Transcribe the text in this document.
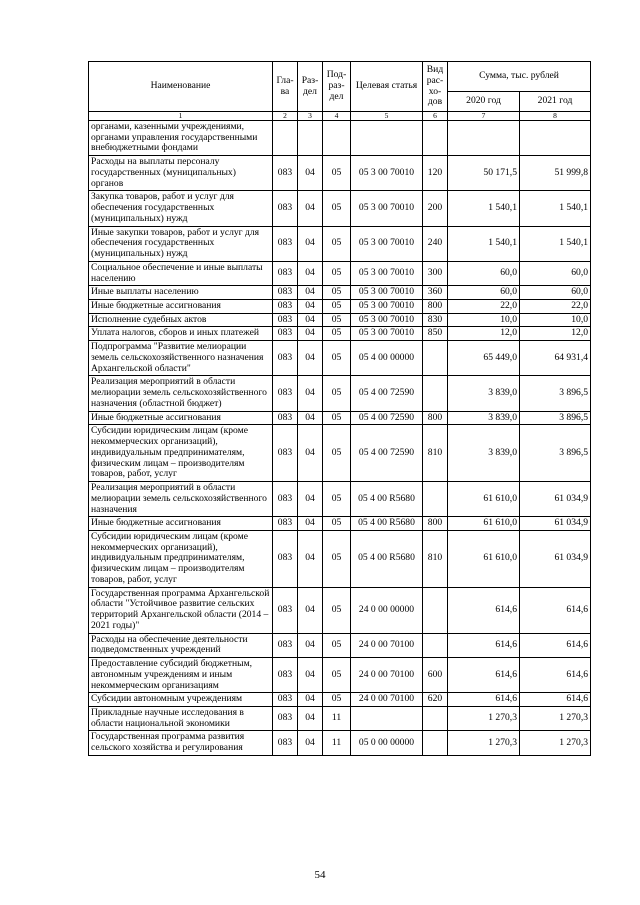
Наименование	Гла-ва	Раз-дел	Под-раз-дел	Целевая статья	Вид рас-хо-дов	Сумма, тыс. рублей	
						2020 год	2021 год
1	2	3	4	5	6	7	8
органами, казенными учреждениями, органами управления государственными внебюджетными фондами							
Расходы на выплаты персоналу государственных (муниципальных) органов	083	04	05	05 3 00 70010	120	50 171,5	51 999,8
Закупка товаров, работ и услуг для обеспечения государственных (муниципальных) нужд	083	04	05	05 3 00 70010	200	1 540,1	1 540,1
Иные закупки товаров, работ и услуг для обеспечения государственных (муниципальных) нужд	083	04	05	05 3 00 70010	240	1 540,1	1 540,1
Социальное обеспечение и иные выплаты населению	083	04	05	05 3 00 70010	300	60,0	60,0
Иные выплаты населению	083	04	05	05 3 00 70010	360	60,0	60,0
Иные бюджетные ассигнования	083	04	05	05 3 00 70010	800	22,0	22,0
Исполнение судебных актов	083	04	05	05 3 00 70010	830	10,0	10,0
Уплата налогов, сборов и иных платежей	083	04	05	05 3 00 70010	850	12,0	12,0
Подпрограмма "Развитие мелиорации земель сельскохозяйственного назначения Архангельской области"	083	04	05	05 4 00 00000		65 449,0	64 931,4
Реализация мероприятий в области мелиорации земель сельскохозяйственного назначения (областной бюджет)	083	04	05	05 4 00 72590		3 839,0	3 896,5
Иные бюджетные ассигнования	083	04	05	05 4 00 72590	800	3 839,0	3 896,5
Субсидии юридическим лицам (кроме некоммерческих организаций), индивидуальным предпринимателям, физическим лицам – производителям товаров, работ, услуг	083	04	05	05 4 00 72590	810	3 839,0	3 896,5
Реализация мероприятий в области мелиорации земель сельскохозяйственного назначения	083	04	05	05 4 00 R5680		61 610,0	61 034,9
Иные бюджетные ассигнования	083	04	05	05 4 00 R5680	800	61 610,0	61 034,9
Субсидии юридическим лицам (кроме некоммерческих организаций), индивидуальным предпринимателям, физическим лицам – производителям товаров, работ, услуг	083	04	05	05 4 00 R5680	810	61 610,0	61 034,9
Государственная программа Архангельской области "Устойчивое развитие сельских территорий Архангельской области (2014 – 2021 годы)"	083	04	05	24 0 00 00000		614,6	614,6
Расходы на обеспечение деятельности подведомственных учреждений	083	04	05	24 0 00 70100		614,6	614,6
Предоставление субсидий бюджетным, автономным учреждениям и иным некоммерческим организациям	083	04	05	24 0 00 70100	600	614,6	614,6
Субсидии автономным учреждениям	083	04	05	24 0 00 70100	620	614,6	614,6
Прикладные научные исследования в области национальной экономики	083	04	11			1 270,3	1 270,3
Государственная программа развития сельского хозяйства и регулирования	083	04	11	05 0 00 00000		1 270,3	1 270,3
54
